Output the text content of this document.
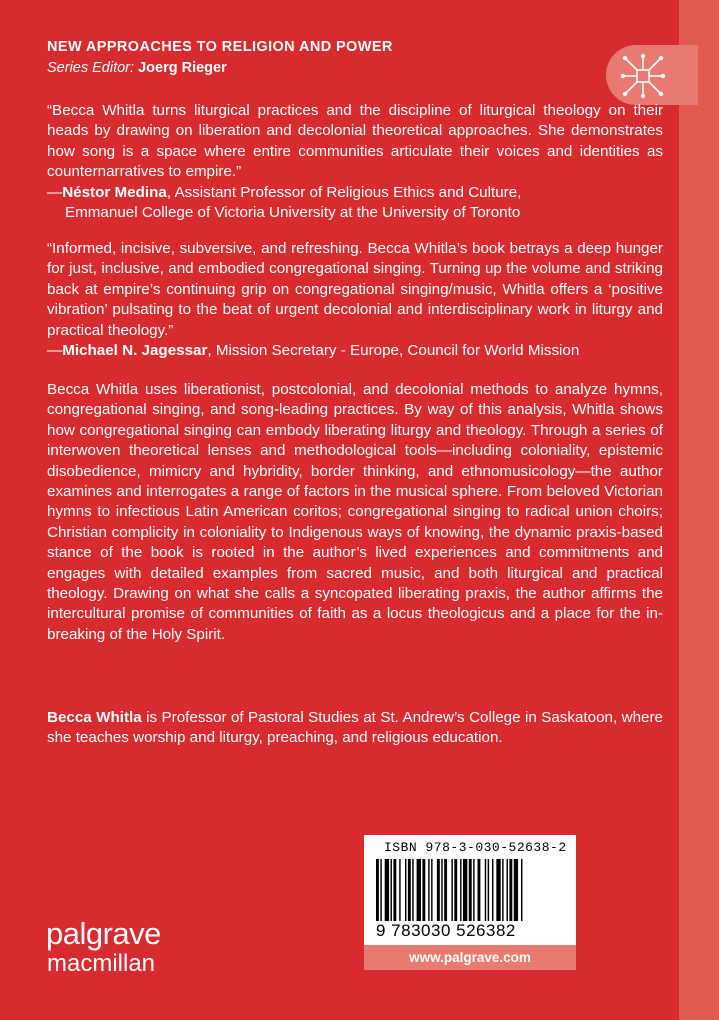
NEW APPROACHES TO RELIGION AND POWER
Series Editor: Joerg Rieger

“Becca Whitla turns liturgical practices and the discipline of liturgical theology on their heads by drawing on liberation and decolonial theoretical approaches. She demonstrates how song is a space where entire communities articulate their voices and identities as counternarratives to empire.”

—Néstor Medina, Assistant Professor of Religious Ethics and Culture,
Emmanuel College of Victoria University at the University of Toronto

“Informed, incisive, subversive, and refreshing. Becca Whitla’s book betrays a deep hunger for just, inclusive, and embodied congregational singing. Turning up the volume and striking back at empire’s continuing grip on congregational singing/music, Whitla offers a ‘positive vibration’ pulsating to the beat of urgent decolonial and interdisciplinary work in liturgy and practical theology.”

—Michael N. Jagessar, Mission Secretary - Europe, Council for World Mission

Becca Whitla uses liberationist, postcolonial, and decolonial methods to analyze hymns, congregational singing, and song-leading practices. By way of this analysis, Whitla shows how congregational singing can embody liberating liturgy and theology. Through a series of interwoven theoretical lenses and methodological tools—including coloniality, epistemic disobedience, mimicry and hybridity, border thinking, and ethnomusicology—the author examines and interrogates a range of factors in the musical sphere. From beloved Victorian hymns to infectious Latin American coritos; congregational singing to radical union choirs; Christian complicity in coloniality to Indigenous ways of knowing, the dynamic praxis-based stance of the book is rooted in the author’s lived experiences and commitments and engages with detailed examples from sacred music, and both liturgical and practical theology. Drawing on what she calls a syncopated liberating praxis, the author affirms the intercultural promise of communities of faith as a locus theologicus and a place for the in-breaking of the Holy Spirit.

Becca Whitla is Professor of Pastoral Studies at St. Andrew’s College in Saskatoon, where she teaches worship and liturgy, preaching, and religious education.

ISBN 978-3-030-52638-2
9 783030 526382
www.palgrave.com
palgrave
macmillan
